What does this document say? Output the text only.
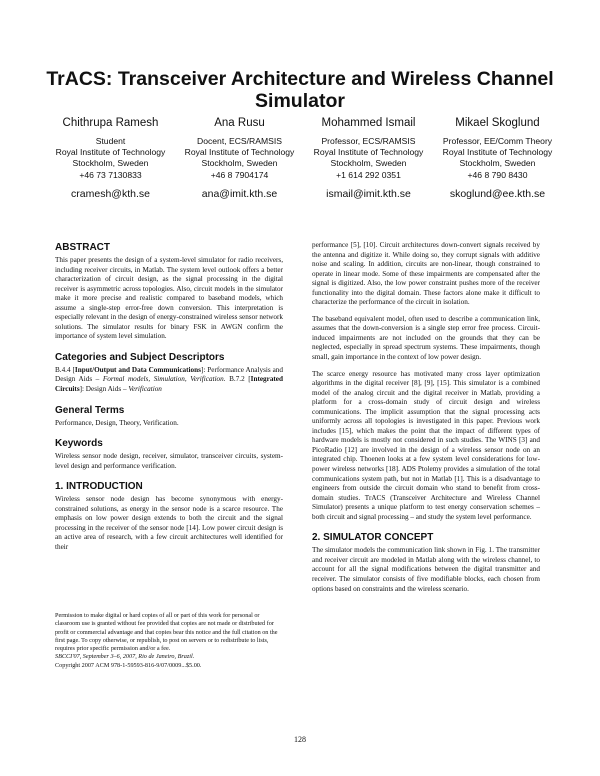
TrACS: Transceiver Architecture and Wireless Channel Simulator
Chithrupa Ramesh
Student
Royal Institute of Technology
Stockholm, Sweden
+46 73 7130833
cramesh@kth.se
Ana Rusu
Docent, ECS/RAMSIS
Royal Institute of Technology
Stockholm, Sweden
+46 8 7904174
ana@imit.kth.se
Mohammed Ismail
Professor, ECS/RAMSIS
Royal Institute of Technology
Stockholm, Sweden
+1 614 292 0351
ismail@imit.kth.se
Mikael Skoglund
Professor, EE/Comm Theory
Royal Institute of Technology
Stockholm, Sweden
+46 8 790 8430
skoglund@ee.kth.se
ABSTRACT

This paper presents the design of a system-level simulator for radio receivers, including receiver circuits, in Matlab. The system level outlook offers a better characterization of circuit design, as the signal processing in the digital receiver is asymmetric across topologies. Also, circuit models in the simulator make it more precise and realistic compared to baseband models, which assume a single-step error-free down conversion. This interpretation is especially relevant in the design of energy-constrained wireless sensor network solutions. The simulator results for binary FSK in AWGN confirm the importance of system level simulation.

Categories and Subject Descriptors

B.4.4 [Input/Output and Data Communications]: Performance Analysis and Design Aids – Formal models, Simulation, Verification. B.7.2 [Integrated Circuits]: Design Aids – Verification

General Terms

Performance, Design, Theory, Verification.

Keywords

Wireless sensor node design, receiver, simulator, transceiver circuits, system-level design and performance verification.

1. INTRODUCTION

Wireless sensor node design has become synonymous with energy- constrained solutions, as energy in the sensor node is a scarce resource. The emphasis on low power design extends to both the circuit and the signal processing in the receiver of the sensor node [14]. Low power circuit design is an active area of research, with a few circuit architectures well identified for their

Permission to make digital or hard copies of all or part of this work for personal or classroom use is granted without fee provided that copies are not made or distributed for profit or commercial advantage and that copies bear this notice and the full citation on the first page. To copy otherwise, or republish, to post on servers or to redistribute to lists, requires prior specific permission and/or a fee.

SBCCI'07, September 3–6, 2007, Rio de Janeiro, Brazil.

Copyright 2007 ACM 978-1-59593-816-9/07/0009...$5.00.

performance [5], [10]. Circuit architectures down-convert signals received by the antenna and digitize it. While doing so, they corrupt signals with additive noise and scaling. In addition, circuits are non-linear, though constrained to operate in linear mode. Some of these impairments are compensated after the signal is digitized. Also, the low power constraint pushes more of the receiver functionality into the digital domain. These factors alone make it difficult to characterize the performance of the circuit in isolation.

The baseband equivalent model, often used to describe a communication link, assumes that the down-conversion is a single step error free process. Circuit-induced impairments are not included on the grounds that they can be neglected, especially in spread spectrum systems. These impairments, though small, gain importance in the context of low power design.

The scarce energy resource has motivated many cross layer optimization algorithms in the digital receiver [8], [9], [15]. This simulator is a combined model of the analog circuit and the digital receiver in Matlab, providing a platform for a cross-domain study of circuit design and wireless communications. The implicit assumption that the signal processing acts uniformly across all topologies is investigated in this paper. Previous work includes [15], which makes the point that the impact of different types of hardware models is mostly not considered in such studies. The WINS [3] and PicoRadio [12] are involved in the design of a wireless sensor node on an integrated chip. Thoenen looks at a few system level considerations for low-power wireless networks [18]. ADS Ptolemy provides a simulation of the total communications system path, but not in Matlab [1]. This is a disadvantage to engineers from outside the circuit domain who stand to benefit from cross-domain studies. TrACS (Transceiver Architecture and Wireless Channel Simulator) presents a unique platform to test energy conservation schemes – both circuit and signal processing – and study the system level performance.

2. SIMULATOR CONCEPT

The simulator models the communication link shown in Fig. 1. The transmitter and receiver circuit are modeled in Matlab along with the wireless channel, to account for all the signal modifications between the digital transmitter and receiver. The simulator consists of five modifiable blocks, each chosen from options based on constraints and the wireless scenario.

128
